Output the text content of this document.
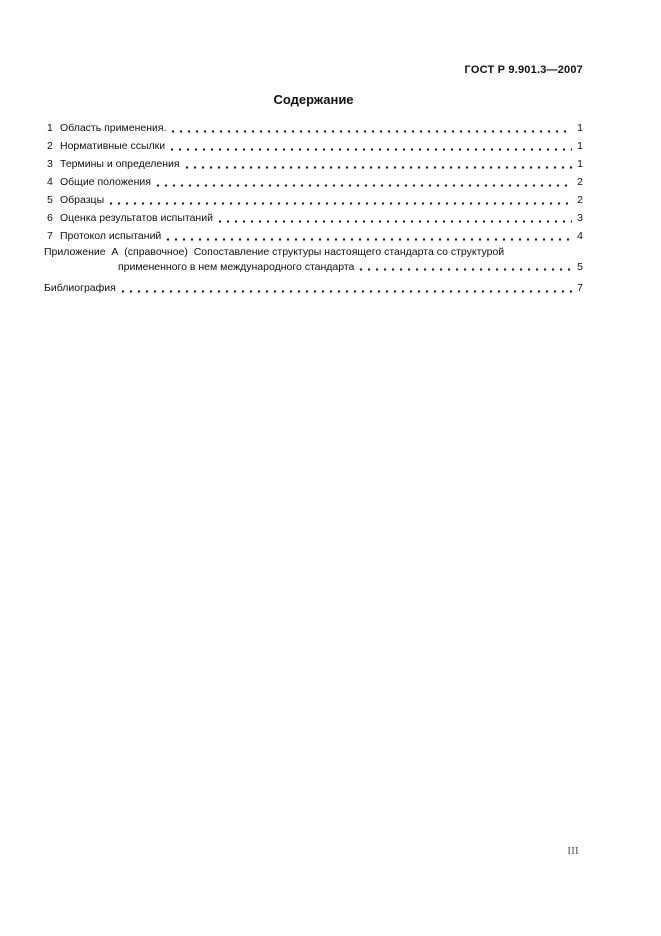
ГОСТ Р 9.901.3—2007
Содержание
1 Область применения.	1
2 Нормативные ссылки	1
3 Термины и определения	1
4 Общие положения	2
5 Образцы	2
6 Оценка результатов испытаний	3
7 Протокол испытаний	4
Приложение  А  (справочное)  Сопоставление структуры настоящего стандарта со структурой
примененного в нем международного стандарта	5
Библиография	7
III
